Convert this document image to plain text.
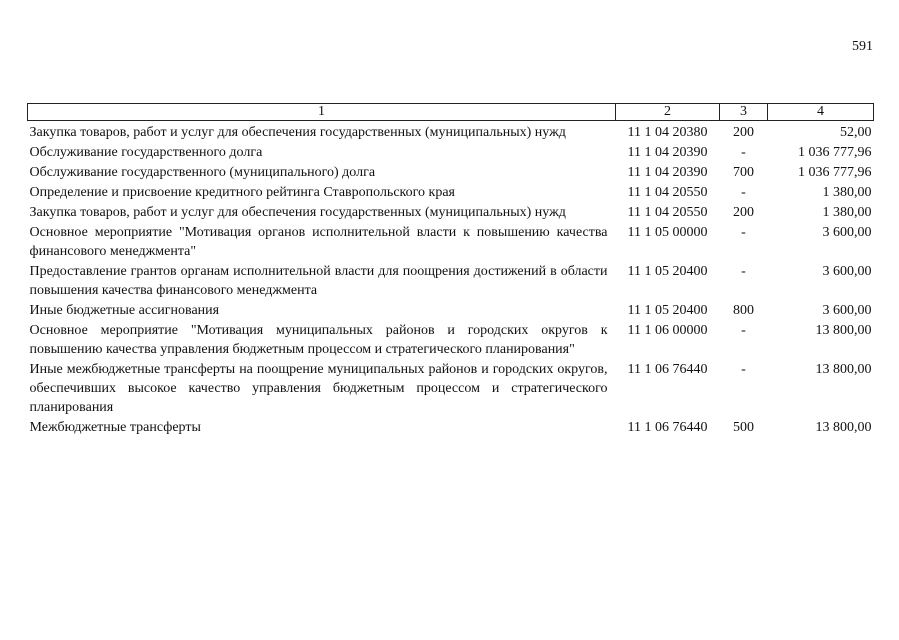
591
1	2	3	4
Закупка товаров, работ и услуг для обеспечения государственных (муниципальных) нужд	11 1 04 20380	200	52,00
Обслуживание государственного долга	11 1 04 20390	-	1 036 777,96
Обслуживание государственного (муниципального) долга	11 1 04 20390	700	1 036 777,96
Определение и присвоение кредитного рейтинга Ставропольского края	11 1 04 20550	-	1 380,00
Закупка товаров, работ и услуг для обеспечения государственных (муниципальных) нужд	11 1 04 20550	200	1 380,00
Основное мероприятие "Мотивация органов исполнительной власти к повышению качества финансового менеджмента"	11 1 05 00000	-	3 600,00
Предоставление грантов органам исполнительной власти для поощрения достижений в области повышения качества финансового менеджмента	11 1 05 20400	-	3 600,00
Иные бюджетные ассигнования	11 1 05 20400	800	3 600,00
Основное мероприятие "Мотивация муниципальных районов и городских округов к повышению качества управления бюджетным процессом и стратегического планирования"	11 1 06 00000	-	13 800,00
Иные межбюджетные трансферты на поощрение муниципальных районов и городских округов, обеспечивших высокое качество управления бюджетным процессом и стратегического планирования	11 1 06 76440	-	13 800,00
Межбюджетные трансферты	11 1 06 76440	500	13 800,00
